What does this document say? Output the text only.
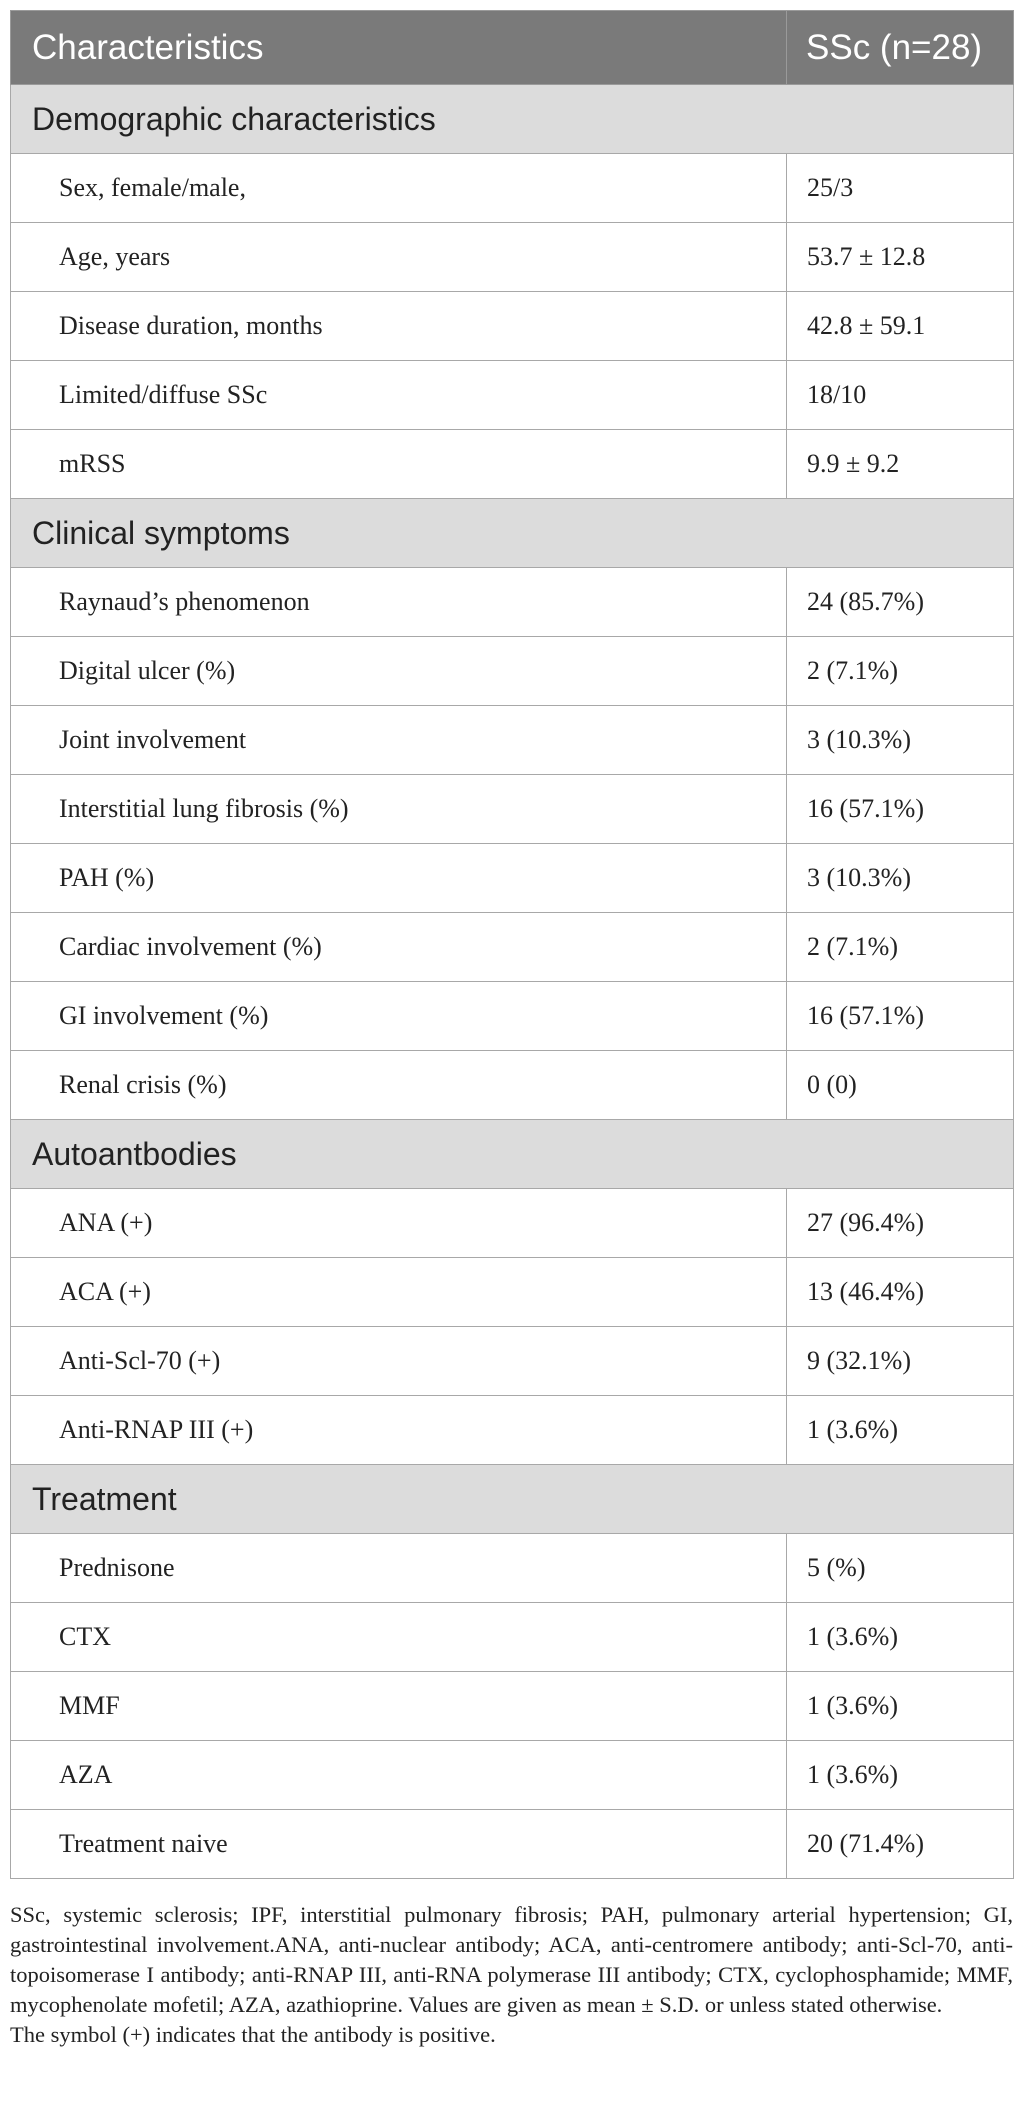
Characteristics	SSc (n=28)
Demographic characteristics	
Sex, female/male,	25/3
Age, years	53.7 ± 12.8
Disease duration, months	42.8 ± 59.1
Limited/diffuse SSc	18/10
mRSS	9.9 ± 9.2
Clinical symptoms	
Raynaud’s phenomenon	24 (85.7%)
Digital ulcer (%)	2 (7.1%)
Joint involvement	3 (10.3%)
Interstitial lung fibrosis (%)	16 (57.1%)
PAH (%)	3 (10.3%)
Cardiac involvement (%)	2 (7.1%)
GI involvement (%)	16 (57.1%)
Renal crisis (%)	0 (0)
Autoantbodies	
ANA (+)	27 (96.4%)
ACA (+)	13 (46.4%)
Anti-Scl-70 (+)	9 (32.1%)
Anti-RNAP III (+)	1 (3.6%)
Treatment	
Prednisone	5 (%)
CTX	1 (3.6%)
MMF	1 (3.6%)
AZA	1 (3.6%)
Treatment naive	20 (71.4%)

SSc, systemic sclerosis; IPF, interstitial pulmonary fibrosis; PAH, pulmonary arterial hypertension; GI, gastrointestinal involvement.ANA, anti-nuclear antibody; ACA, anti-centromere antibody; anti-Scl-70, anti-topoisomerase I antibody; anti-RNAP III, anti-RNA polymerase III antibody; CTX, cyclophosphamide; MMF, mycophenolate mofetil; AZA, azathioprine. Values are given as mean ± S.D. or unless stated otherwise.

The symbol (+) indicates that the antibody is positive.
